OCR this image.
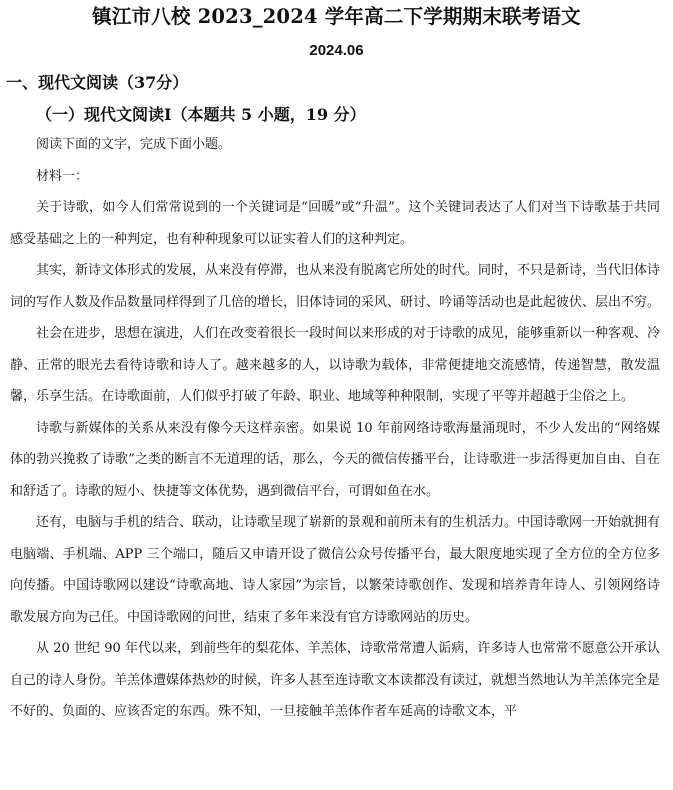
镇江市八校 2023_2024 学年高二下学期期末联考语文
2024.06
一、现代文阅读（37分）
（一）现代文阅读Ⅰ（本题共 5 小题，19 分）
阅读下面的文字，完成下面小题。
材料一：

关于诗歌，如今人们常常说到的一个关键词是“回暖”或“升温”。这个关键词表达了人们对当下诗歌基于共同感受基础之上的一种判定，也有种种现象可以证实着人们的这种判定。

其实，新诗文体形式的发展，从来没有停滞，也从来没有脱离它所处的时代。同时，不只是新诗，当代旧体诗词的写作人数及作品数量同样得到了几倍的增长，旧体诗词的采风、研讨、吟诵等活动也是此起彼伏、层出不穷。

社会在进步，思想在演进，人们在改变着很长一段时间以来形成的对于诗歌的成见，能够重新以一种客观、冷静、正常的眼光去看待诗歌和诗人了。越来越多的人，以诗歌为载体，非常便捷地交流感情，传递智慧，散发温馨，乐享生活。在诗歌面前，人们似乎打破了年龄、职业、地域等种种限制，实现了平等并超越于尘俗之上。

诗歌与新媒体的关系从来没有像今天这样亲密。如果说 10 年前网络诗歌海量涌现时，不少人发出的“网络媒体的勃兴挽救了诗歌”之类的断言不无道理的话，那么，今天的微信传播平台，让诗歌进一步活得更加自由、自在和舒适了。诗歌的短小、快捷等文体优势，遇到微信平台，可谓如鱼在水。

还有，电脑与手机的结合、联动，让诗歌呈现了崭新的景观和前所未有的生机活力。中国诗歌网一开始就拥有电脑端、手机端、APP 三个端口，随后又申请开设了微信公众号传播平台，最大限度地实现了全方位的全方位多向传播。中国诗歌网以建设“诗歌高地、诗人家园”为宗旨，以繁荣诗歌创作、发现和培养青年诗人、引领网络诗歌发展方向为己任。中国诗歌网的问世，结束了多年来没有官方诗歌网站的历史。

从 20 世纪 90 年代以来，到前些年的梨花体、羊羔体，诗歌常常遭人诟病，许多诗人也常常不愿意公开承认自己的诗人身份。羊羔体遭媒体热炒的时候，许多人甚至连诗歌文本读都没有读过，就想当然地认为羊羔体完全是不好的、负面的、应该否定的东西。殊不知，一旦接触羊羔体作者车延高的诗歌文本，平
